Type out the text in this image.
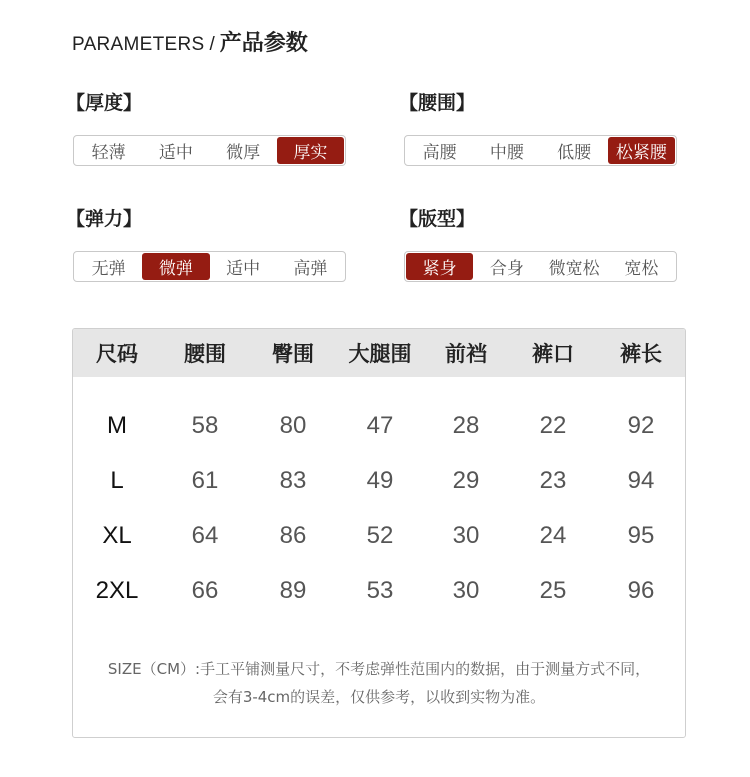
PARAMETERS / 产品参数
【厚度】
轻薄	适中	微厚	厚实
【腰围】
高腰	中腰	低腰	松紧腰
【弹力】
无弹	微弹	适中	高弹
【版型】
紧身	合身	微宽松	宽松
尺码	腰围	臀围	大腿围	前裆	裤口	裤长
M	58	80	47	28	22	92
L	61	83	49	29	23	94
XL	64	86	52	30	24	95
2XL	66	89	53	30	25	96
SIZE（CM）:手工平铺测量尺寸，不考虑弹性范围内的数据，由于测量方式不同，
会有3-4cm的误差，仅供参考，以收到实物为准。
